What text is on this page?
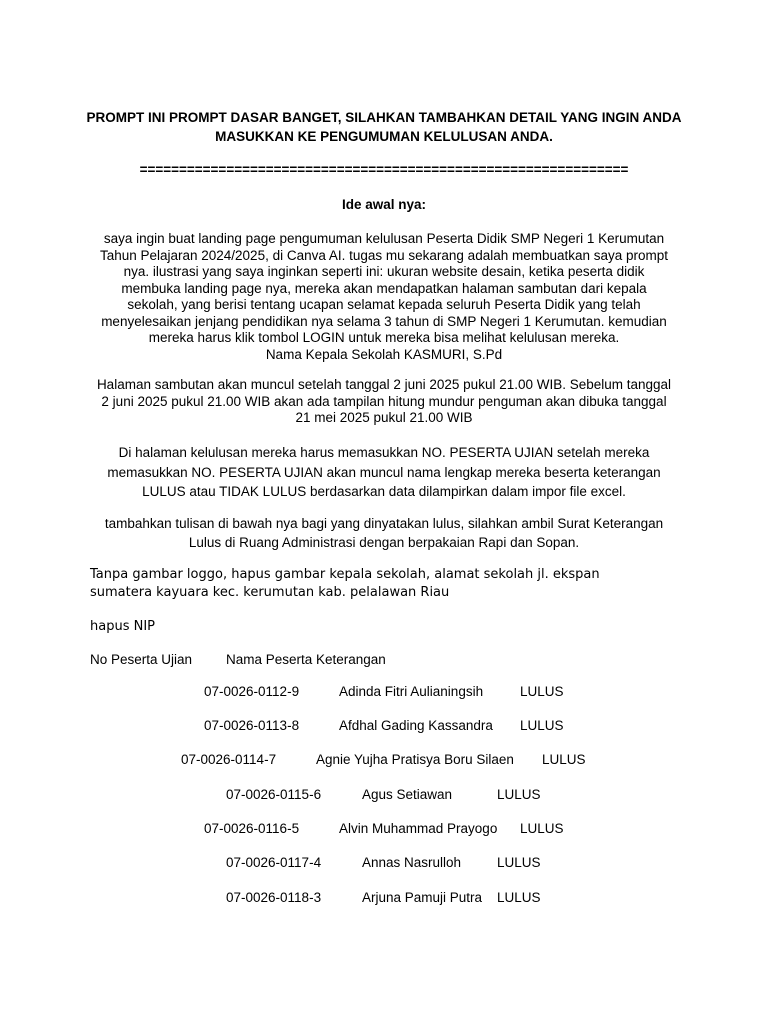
PROMPT INI PROMPT DASAR BANGET, SILAHKAN TAMBAHKAN DETAIL YANG INGIN ANDA MASUKKAN KE PENGUMUMAN KELULUSAN ANDA.
==============================================================
Ide awal nya:
saya ingin buat landing page pengumuman kelulusan Peserta Didik SMP Negeri 1 Kerumutan
Tahun Pelajaran 2024/2025, di Canva AI. tugas mu sekarang adalah membuatkan saya prompt
nya. ilustrasi yang saya inginkan seperti ini: ukuran website desain, ketika peserta didik
membuka landing page nya, mereka akan mendapatkan halaman sambutan dari kepala
sekolah, yang berisi tentang ucapan selamat kepada seluruh Peserta Didik yang telah
menyelesaikan jenjang pendidikan nya selama 3 tahun di SMP Negeri 1 Kerumutan. kemudian
mereka harus klik tombol LOGIN untuk mereka bisa melihat kelulusan mereka.
Nama Kepala Sekolah KASMURI, S.Pd
Halaman sambutan akan muncul setelah tanggal 2 juni 2025 pukul 21.00 WIB. Sebelum tanggal
2 juni 2025 pukul 21.00 WIB akan ada tampilan hitung mundur penguman akan dibuka tanggal
21 mei 2025 pukul 21.00 WIB
Di halaman kelulusan mereka harus memasukkan NO. PESERTA UJIAN setelah mereka
memasukkan NO. PESERTA UJIAN akan muncul nama lengkap mereka beserta keterangan
LULUS atau TIDAK LULUS berdasarkan data dilampirkan dalam impor file excel.
tambahkan tulisan di bawah nya bagi yang dinyatakan lulus, silahkan ambil Surat Keterangan
Lulus di Ruang Administrasi dengan berpakaian Rapi dan Sopan.
Tanpa gambar loggo, hapus gambar kepala sekolah, alamat sekolah jl. ekspan
sumatera kayuara kec. kerumutan kab. pelalawan Riau
hapus NIP
No Peserta Ujian	Nama Peserta Keterangan
07-0026-0112-9	Adinda Fitri Aulianingsih	LULUS
07-0026-0113-8	Afdhal Gading Kassandra LULUS
07-0026-0114-7	Agnie Yujha Pratisya Boru Silaen LULUS
07-0026-0115-6	Agus Setiawan	LULUS
07-0026-0116-5	Alvin Muhammad Prayogo LULUS
07-0026-0117-4	Annas Nasrulloh	LULUS
07-0026-0118-3	Arjuna Pamuji Putra LULUS
